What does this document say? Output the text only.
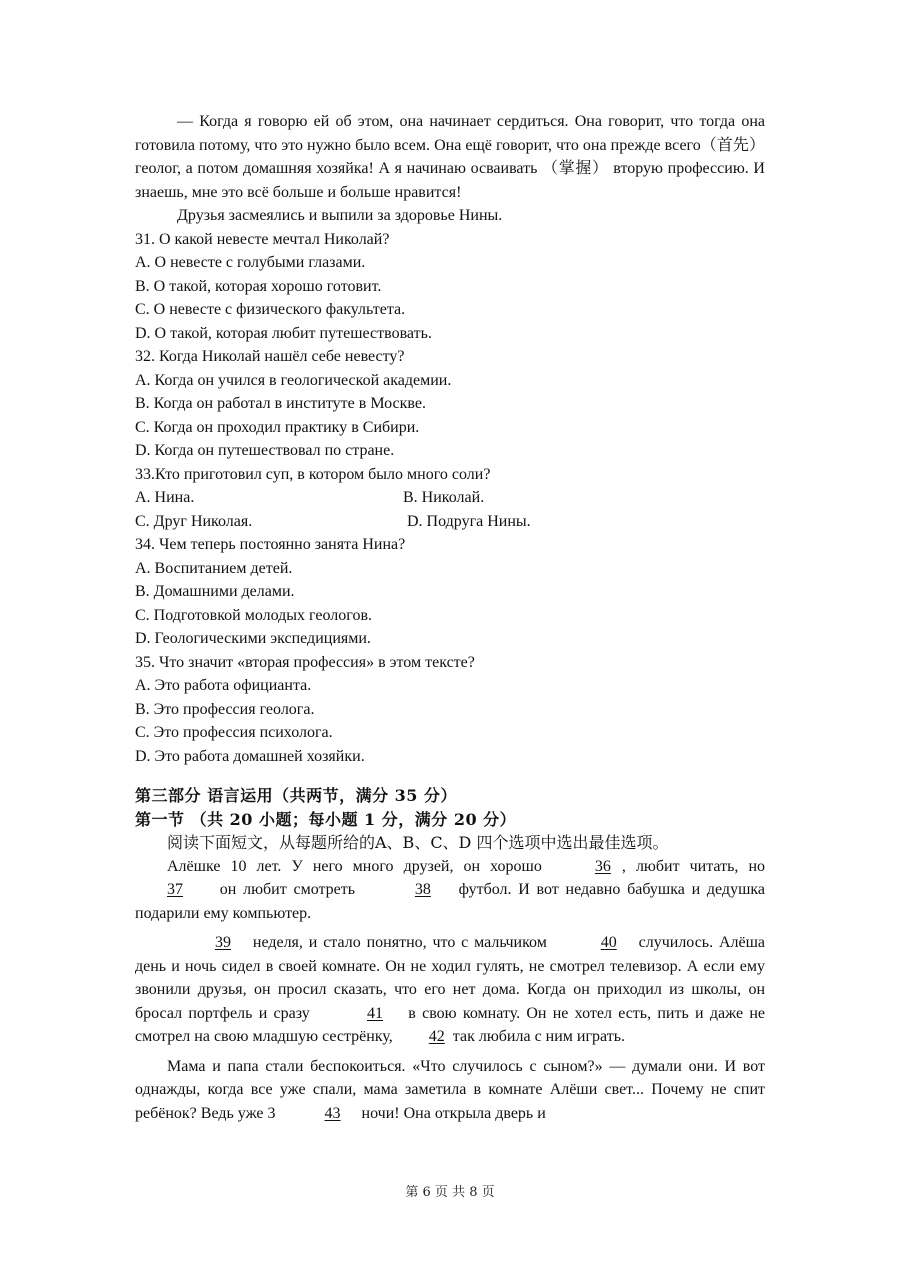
— Когда я говорю ей об этом, она начинает сердиться. Она говорит, что тогда она готовила потому, что это нужно было всем. Она ещё говорит, что она прежде всего（首先） геолог, а потом домашняя хозяйка! А я начинаю осваивать （掌握） вторую профессию. И знаешь, мне это всё больше и больше нравится!

Друзья засмеялись и выпили за здоровье Нины.

31. О какой невесте мечтал Николай?

A. О невесте с голубыми глазами.

B. О такой, которая хорошо готовит.

C. О невесте с физического факультета.

D. О такой, которая любит путешествовать.

32. Когда Николай нашёл себе невесту?

A. Когда он учился в геологической академии.

B. Когда он работал в институте в Москве.

C. Когда он проходил практику в Сибири.

D. Когда он путешествовал по стране.

33.Кто приготовил суп, в котором было много соли?

A. Нина.	B. Николай.
C. Друг Николая.	D. Подруга Нины.

34. Чем теперь постоянно занята Нина?

A. Воспитанием детей.

B. Домашними делами.

C. Подготовкой молодых геологов.

D. Геологическими экспедициями.

35. Что значит «вторая профессия» в этом тексте?

A. Это работа официанта.

B. Это профессия геолога.

C. Это профессия психолога.

D. Это работа домашней хозяйки.

第三部分 语言运用（共两节，满分 35 分）

第一节 （共 20 小题；每小题 1 分，满分 20 分）

阅读下面短文，从每题所给的A、B、C、D 四个选项中选出最佳选项。

Алёшке 10 лет. У него много друзей, он хорошо	36 , любит читать, но 37 он любит смотреть	38 футбол. И вот недавно бабушка и дедушка подарили ему компьютер.

39 неделя, и стало понятно, что с мальчиком	40 случилось. Алёша день и ночь сидел в своей комнате. Он не ходил гулять, не смотрел телевизор. А если ему звонили друзья, он просил сказать, что его нет дома. Когда он приходил из школы, он бросал портфель и сразу	41 в свою комнату. Он не хотел есть, пить и даже не смотрел на свою младшую сестрёнку, 42 так любила с ним играть.

Мама и папа стали беспокоиться. «Что случилось с сыном?» — думали они. И вот однажды, когда все уже спали, мама заметила в комнате Алёши свет... Почему не спит ребёнок? Ведь уже 3	43 ночи! Она открыла дверь и

第 6 页 共 8 页
